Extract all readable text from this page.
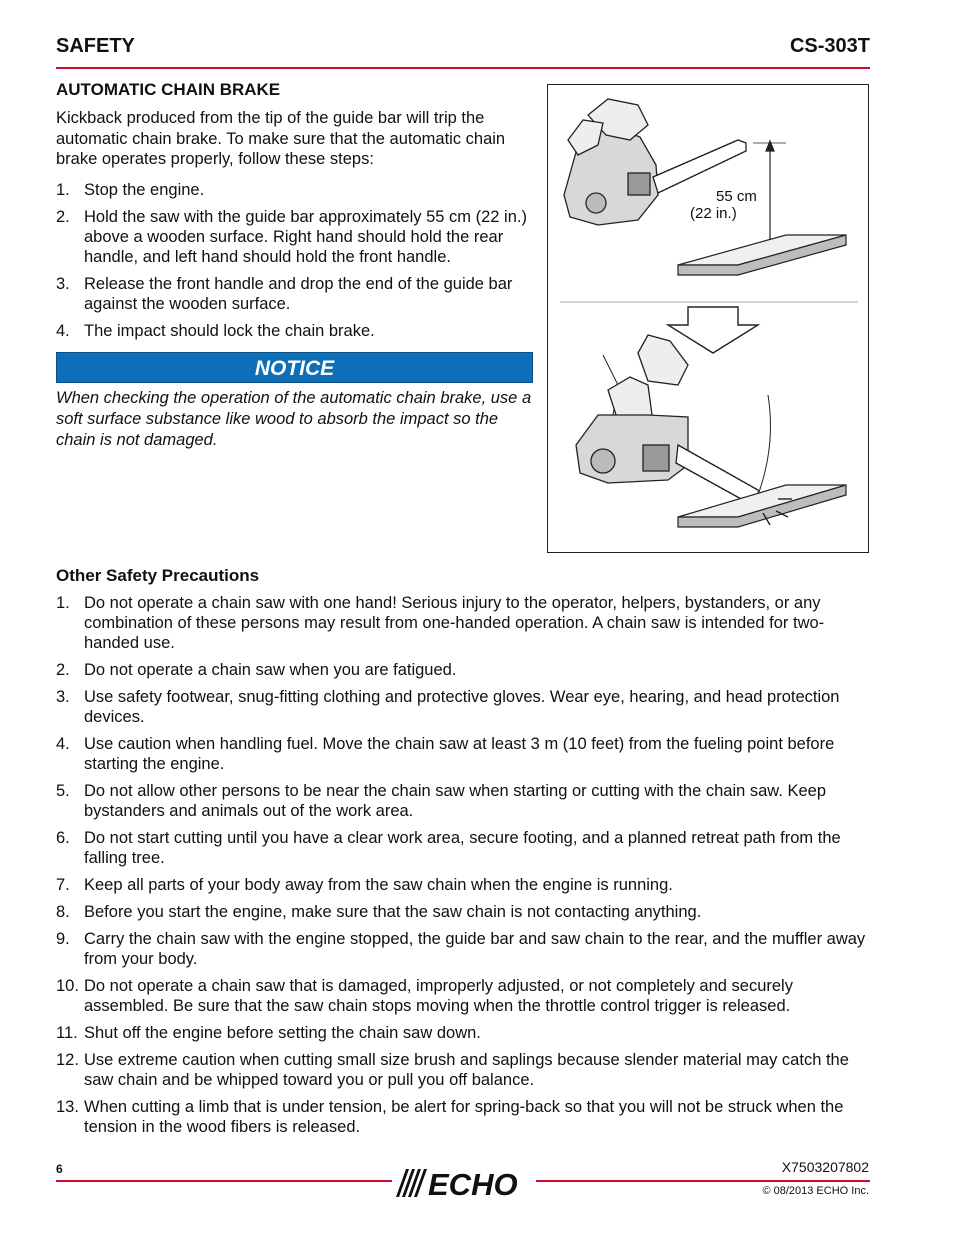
SAFETY	CS-303T
AUTOMATIC CHAIN BRAKE
Kickback produced from the tip of the guide bar will trip the automatic chain brake. To make sure that the automatic chain brake operates properly, follow these steps:
1. Stop the engine.
2. Hold the saw with the guide bar approximately 55 cm (22 in.) above a wooden surface. Right hand should hold the rear handle, and left hand should hold the front handle.
3. Release the front handle and drop the end of the guide bar against the wooden surface.
4. The impact should lock the chain brake.
NOTICE
When checking the operation of the automatic chain brake, use a soft surface substance like wood to absorb the impact so the chain is not damaged.
55 cm
(22 in.)
Other Safety Precautions
1. Do not operate a chain saw with one hand! Serious injury to the operator, helpers, bystanders, or any combination of these persons may result from one-handed operation. A chain saw is intended for two-handed use.
2. Do not operate a chain saw when you are fatigued.
3. Use safety footwear, snug-fitting clothing and protective gloves. Wear eye, hearing, and head protection devices.
4. Use caution when handling fuel. Move the chain saw at least 3 m (10 feet) from the fueling point before starting the engine.
5. Do not allow other persons to be near the chain saw when starting or cutting with the chain saw. Keep bystanders and animals out of the work area.
6. Do not start cutting until you have a clear work area, secure footing, and a planned retreat path from the falling tree.
7. Keep all parts of your body away from the saw chain when the engine is running.
8. Before you start the engine, make sure that the saw chain is not contacting anything.
9. Carry the chain saw with the engine stopped, the guide bar and saw chain to the rear, and the muffler away from your body.
10. Do not operate a chain saw that is damaged, improperly adjusted, or not completely and securely assembled. Be sure that the saw chain stops moving when the throttle control trigger is released.
11. Shut off the engine before setting the chain saw down.
12. Use extreme caution when cutting small size brush and saplings because slender material may catch the saw chain and be whipped toward you or pull you off balance.
13. When cutting a limb that is under tension, be alert for spring-back so that you will not be struck when the tension in the wood fibers is released.
6	X7503207802
ECHO	© 08/2013 ECHO Inc.
